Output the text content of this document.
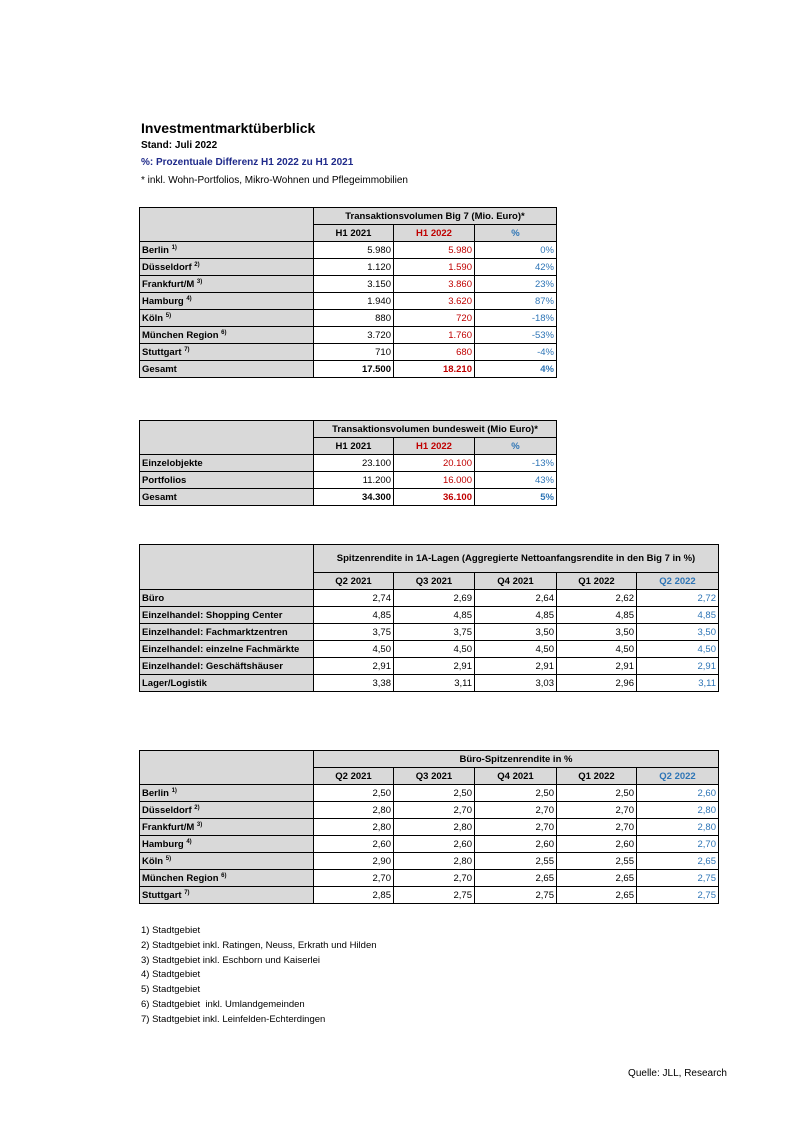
Investmentmarktüberblick
Stand: Juli 2022
%: Prozentuale Differenz H1 2022 zu H1 2021
* inkl. Wohn-Portfolios, Mikro-Wohnen und Pflegeimmobilien
	Transaktionsvolumen Big 7 (Mio. Euro)*		
	H1 2021	H1 2022	%
Berlin $^{1)}$	5.980	5.980	0%
Düsseldorf $^{2)}$	1.120	1.590	42%
Frankfurt/M $^{3)}$	3.150	3.860	23%
Hamburg $^{4)}$	1.940	3.620	87%
Köln $^{5)}$	880	720	-18%
München Region $^{6)}$	3.720	1.760	-53%
Stuttgart $^{7)}$	710	680	-4%
Gesamt	17.500	18.210	4%
	Transaktionsvolumen bundesweit (Mio Euro)*		
	H1 2021	H1 2022	%
Einzelobjekte	23.100	20.100	-13%
Portfolios	11.200	16.000	43%
Gesamt	34.300	36.100	5%
	Spitzenrendite in 1A-Lagen (Aggregierte Nettoanfangsrendite in den Big 7 in %)				
	Q2 2021	Q3 2021	Q4 2021	Q1 2022	Q2 2022
Büro	2,74	2,69	2,64	2,62	2,72
Einzelhandel: Shopping Center	4,85	4,85	4,85	4,85	4,85
Einzelhandel: Fachmarktzentren	3,75	3,75	3,50	3,50	3,50
Einzelhandel: einzelne Fachmärkte	4,50	4,50	4,50	4,50	4,50
Einzelhandel: Geschäftshäuser	2,91	2,91	2,91	2,91	2,91
Lager/Logistik	3,38	3,11	3,03	2,96	3,11
	Büro-Spitzenrendite in %				
	Q2 2021	Q3 2021	Q4 2021	Q1 2022	Q2 2022
Berlin $^{1)}$	2,50	2,50	2,50	2,50	2,60
Düsseldorf $^{2)}$	2,80	2,70	2,70	2,70	2,80
Frankfurt/M $^{3)}$	2,80	2,80	2,70	2,70	2,80
Hamburg $^{4)}$	2,60	2,60	2,60	2,60	2,70
Köln $^{5)}$	2,90	2,80	2,55	2,55	2,65
München Region $^{6)}$	2,70	2,70	2,65	2,65	2,75
Stuttgart $^{7)}$	2,85	2,75	2,75	2,65	2,75
1) Stadtgebiet
2) Stadtgebiet inkl. Ratingen, Neuss, Erkrath und Hilden
3) Stadtgebiet inkl. Eschborn und Kaiserlei
4) Stadtgebiet
5) Stadtgebiet
6) Stadtgebiet  inkl. Umlandgemeinden
7) Stadtgebiet inkl. Leinfelden-Echterdingen
Quelle: JLL, Research
